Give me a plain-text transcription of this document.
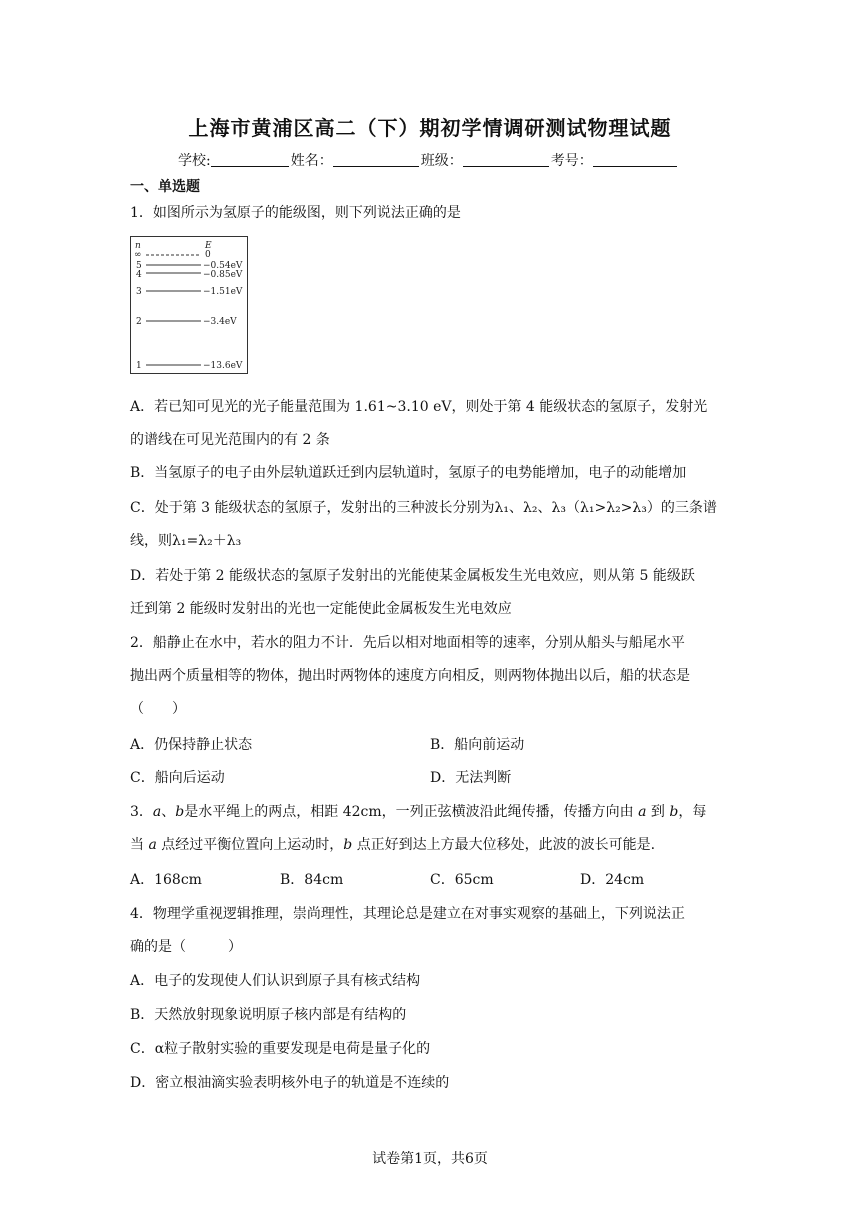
上海市黄浦区高二（下）期初学情调研测试物理试题
学校:	姓名：	班级：	考号：
一、单选题
1．如图所示为氢原子的能级图，则下列说法正确的是
n	E
∞	0
5	−0.54eV
4	−0.85eV
3	−1.51eV
2	−3.4eV
1	−13.6eV
A．若已知可见光的光子能量范围为 1.61~3.10 eV，则处于第 4 能级状态的氢原子，发射光
的谱线在可见光范围内的有 2 条
B．当氢原子的电子由外层轨道跃迁到内层轨道时，氢原子的电势能增加，电子的动能增加
C．处于第 3 能级状态的氢原子，发射出的三种波长分别为λ₁、λ₂、λ₃（λ₁>λ₂>λ₃）的三条谱
线，则λ₁=λ₂＋λ₃
D．若处于第 2 能级状态的氢原子发射出的光能使某金属板发生光电效应，则从第 5 能级跃
迁到第 2 能级时发射出的光也一定能使此金属板发生光电效应
2．船静止在水中，若水的阻力不计．先后以相对地面相等的速率，分别从船头与船尾水平
抛出两个质量相等的物体，抛出时两物体的速度方向相反，则两物体抛出以后，船的状态是
（　　）
A．仍保持静止状态	B．船向前运动
C．船向后运动	D．无法判断
3．a、b是水平绳上的两点，相距 42cm，一列正弦横波沿此绳传播，传播方向由 a 到 b，每
当 a 点经过平衡位置向上运动时，b 点正好到达上方最大位移处，此波的波长可能是.
A．168cm	B．84cm	C．65cm	D．24cm
4．物理学重视逻辑推理，崇尚理性，其理论总是建立在对事实观察的基础上，下列说法正
确的是（　　　）
A．电子的发现使人们认识到原子具有核式结构
B．天然放射现象说明原子核内部是有结构的
C．α粒子散射实验的重要发现是电荷是量子化的
D．密立根油滴实验表明核外电子的轨道是不连续的
试卷第1页，共6页
